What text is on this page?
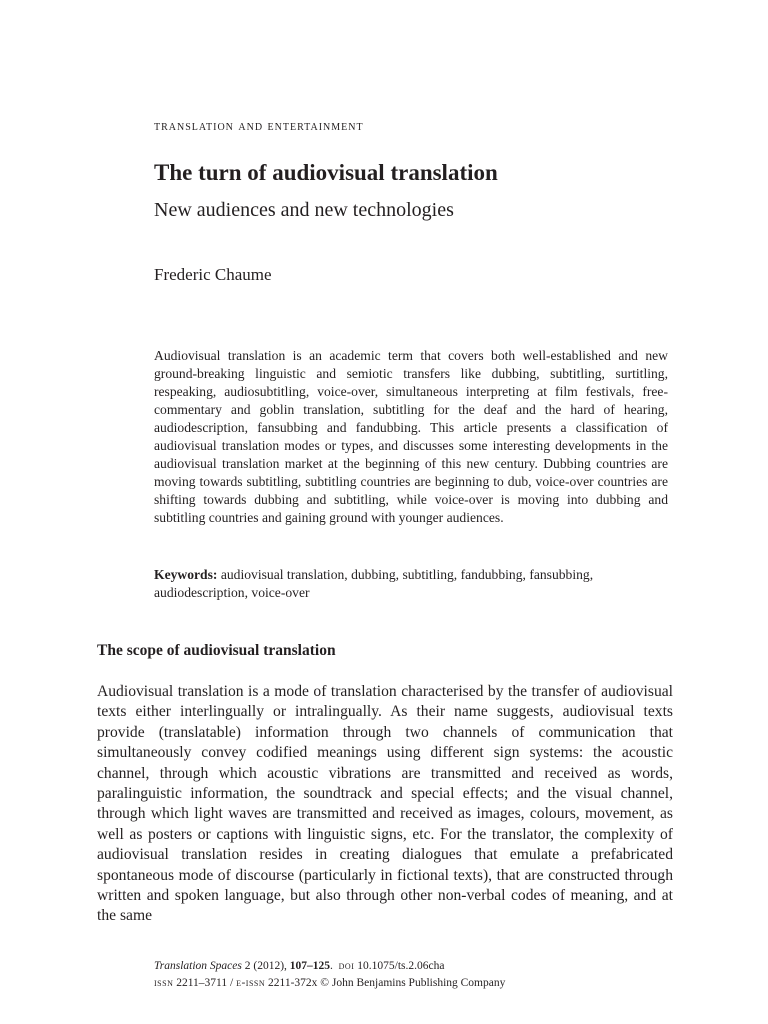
translation and entertainment
The turn of audiovisual translation
New audiences and new technologies
Frederic Chaume

Audiovisual translation is an academic term that covers both well-established and new ground-breaking linguistic and semiotic transfers like dubbing, subtitling, surtitling, respeaking, audiosubtitling, voice-over, simultaneous interpreting at film festivals, free-commentary and goblin translation, subtitling for the deaf and the hard of hearing, audiodescription, fansubbing and fandubbing. This article presents a classification of audiovisual translation modes or types, and discusses some interesting developments in the audiovisual translation market at the beginning of this new century. Dubbing countries are moving towards subtitling, subtitling countries are beginning to dub, voice-over countries are shifting towards dubbing and subtitling, while voice-over is moving into dubbing and subtitling countries and gaining ground with younger audiences.

Keywords: audiovisual translation, dubbing, subtitling, fandubbing, fansubbing, audiodescription, voice-over

The scope of audiovisual translation

Audiovisual translation is a mode of translation characterised by the transfer of audiovisual texts either interlingually or intralingually. As their name suggests, audiovisual texts provide (translatable) information through two channels of communication that simultaneously convey codified meanings using different sign systems: the acoustic channel, through which acoustic vibrations are transmitted and received as words, paralinguistic information, the soundtrack and special effects; and the visual channel, through which light waves are transmitted and received as images, colours, movement, as well as posters or captions with linguistic signs, etc. For the translator, the complexity of audiovisual translation resides in creating dialogues that emulate a prefabricated spontaneous mode of discourse (particularly in fictional texts), that are constructed through written and spoken language, but also through other non-verbal codes of meaning, and at the same

Translation Spaces 2 (2012), 107–125.  doi 10.1075/ts.2.06cha
issn 2211–3711 / e-issn 2211-372x © John Benjamins Publishing Company
